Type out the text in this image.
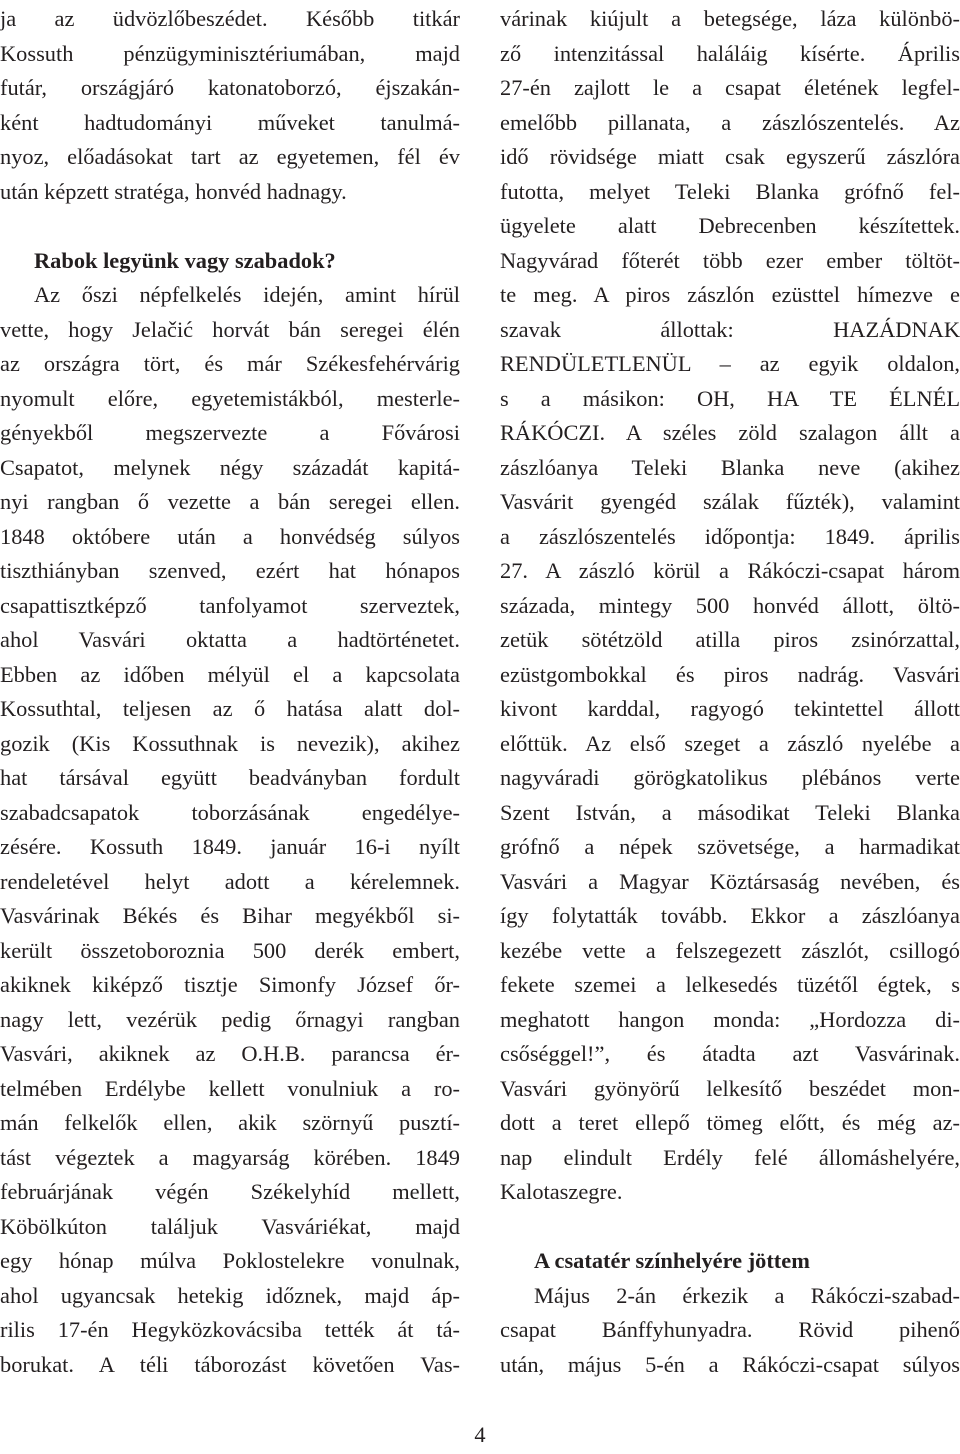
ja az üdvözlőbeszédet. Később titkár
Kossuth pénzügyminisztériumában, majd
futár, országjáró katonatoborzó, éjszakán-
ként hadtudományi műveket tanulmá-
nyoz, előadásokat tart az egyetemen, fél év
után képzett stratéga, honvéd hadnagy.
Rabok legyünk vagy szabadok?
Az őszi népfelkelés idején, amint hírül
vette, hogy Jelačić horvát bán seregei élén
az országra tört, és már Székesfehérvárig
nyomult előre, egyetemistákból, mesterle-
gényekből megszervezte a Fővárosi
Csapatot, melynek négy századát kapitá-
nyi rangban ő vezette a bán seregei ellen.
1848 októbere után a honvédség súlyos
tiszthiányban szenved, ezért hat hónapos
csapattisztképző tanfolyamot szerveztek,
ahol Vasvári oktatta a hadtörténetet.
Ebben az időben mélyül el a kapcsolata
Kossuthtal, teljesen az ő hatása alatt dol-
gozik (Kis Kossuthnak is nevezik), akihez
hat társával együtt beadványban fordult
szabadcsapatok toborzásának engedélye-
zésére. Kossuth 1849. január 16-i nyílt
rendeletével helyt adott a kérelemnek.
Vasvárinak Békés és Bihar megyékből si-
került összetoboroznia 500 derék embert,
akiknek kiképző tisztje Simonfy József őr-
nagy lett, vezérük pedig őrnagyi rangban
Vasvári, akiknek az O.H.B. parancsa ér-
telmében Erdélybe kellett vonulniuk a ro-
mán felkelők ellen, akik szörnyű pusztí-
tást végeztek a magyarság körében. 1849
februárjának végén Székelyhíd mellett,
Köbölkúton találjuk Vasváriékat, majd
egy hónap múlva Poklostelekre vonulnak,
ahol ugyancsak hetekig időznek, majd áp-
rilis 17-én Hegyközkovácsiba tették át tá-
borukat. A téli táborozást követően Vas-
várinak kiújult a betegsége, láza különbö-
ző intenzitással haláláig kísérte. Április
27-én zajlott le a csapat életének legfel-
emelőbb pillanata, a zászlószentelés. Az
idő rövidsége miatt csak egyszerű zászlóra
futotta, melyet Teleki Blanka grófnő fel-
ügyelete alatt Debrecenben készítettek.
Nagyvárad főterét több ezer ember töltöt-
te meg. A piros zászlón ezüsttel hímezve e
szavak állottak: HAZÁDNAK
RENDÜLETLENÜL – az egyik oldalon,
s a másikon: OH, HA TE ÉLNÉL
RÁKÓCZI. A széles zöld szalagon állt a
zászlóanya Teleki Blanka neve (akihez
Vasvárit gyengéd szálak fűzték), valamint
a zászlószentelés időpontja: 1849. április
27. A zászló körül a Rákóczi-csapat három
százada, mintegy 500 honvéd állott, öltö-
zetük sötétzöld atilla piros zsinórzattal,
ezüstgombokkal és piros nadrág. Vasvári
kivont karddal, ragyogó tekintettel állott
előttük. Az első szeget a zászló nyelébe a
nagyváradi görögkatolikus plébános verte
Szent István, a másodikat Teleki Blanka
grófnő a népek szövetsége, a harmadikat
Vasvári a Magyar Köztársaság nevében, és
így folytatták tovább. Ekkor a zászlóanya
kezébe vette a felszegezett zászlót, csillogó
fekete szemei a lelkesedés tüzétől égtek, s
meghatott hangon monda: „Hordozza di-
csőséggel!”, és átadta azt Vasvárinak.
Vasvári gyönyörű lelkesítő beszédet mon-
dott a teret ellepő tömeg előtt, és még az-
nap elindult Erdély felé állomáshelyére,
Kalotaszegre.
A csatatér színhelyére jöttem
Május 2-án érkezik a Rákóczi-szabad-
csapat Bánffyhunyadra. Rövid pihenő
után, május 5-én a Rákóczi-csapat súlyos
4
